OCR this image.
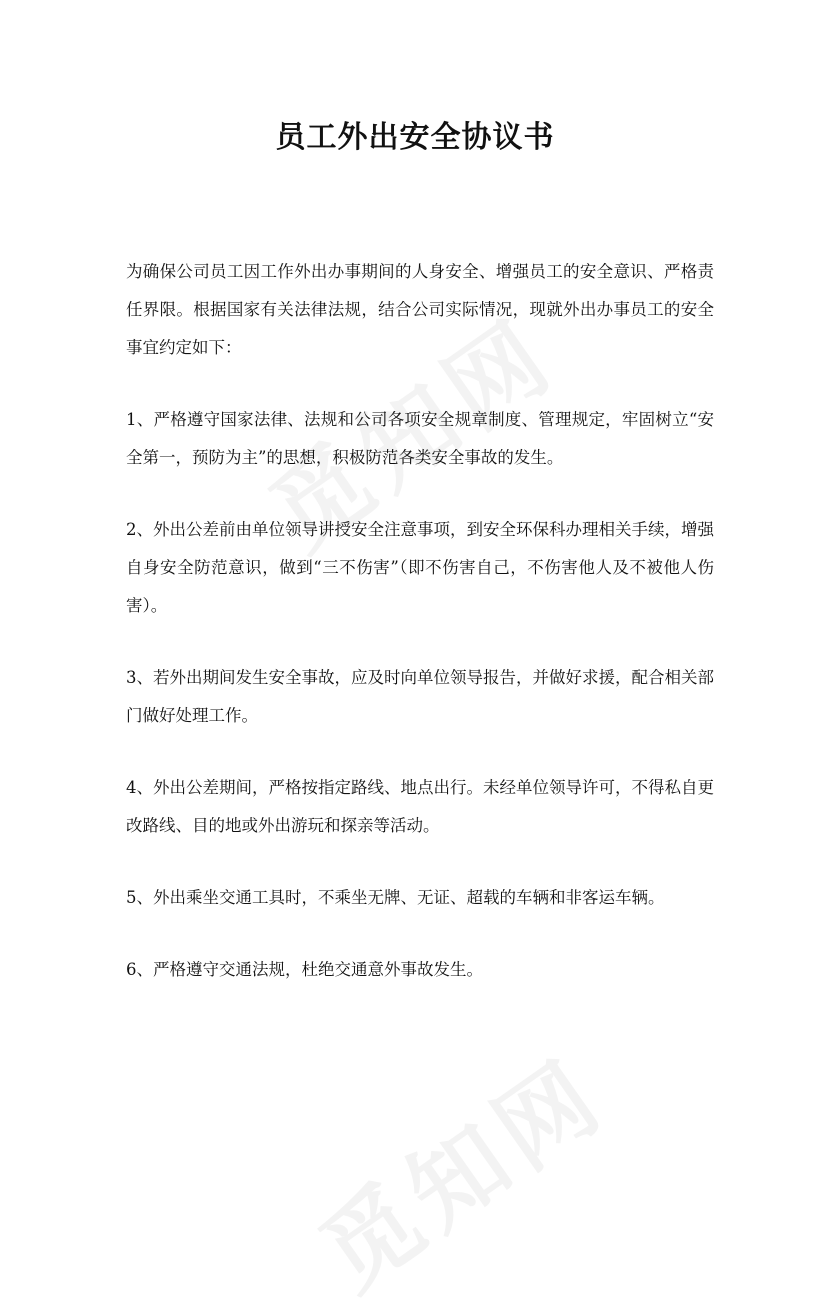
员工外出安全协议书

为确保公司员工因工作外出办事期间的人身安全、增强员工的安全意识、严格责任界限。根据国家有关法律法规，结合公司实际情况，现就外出办事员工的安全事宜约定如下：

1、严格遵守国家法律、法规和公司各项安全规章制度、管理规定，牢固树立“安全第一，预防为主”的思想，积极防范各类安全事故的发生。

2、外出公差前由单位领导讲授安全注意事项，到安全环保科办理相关手续，增强自身安全防范意识，做到“三不伤害”（即不伤害自己，不伤害他人及不被他人伤害）。

3、若外出期间发生安全事故，应及时向单位领导报告，并做好求援，配合相关部门做好处理工作。

4、外出公差期间，严格按指定路线、地点出行。未经单位领导许可，不得私自更改路线、目的地或外出游玩和探亲等活动。

5、外出乘坐交通工具时，不乘坐无牌、无证、超载的车辆和非客运车辆。

6、严格遵守交通法规，杜绝交通意外事故发生。
